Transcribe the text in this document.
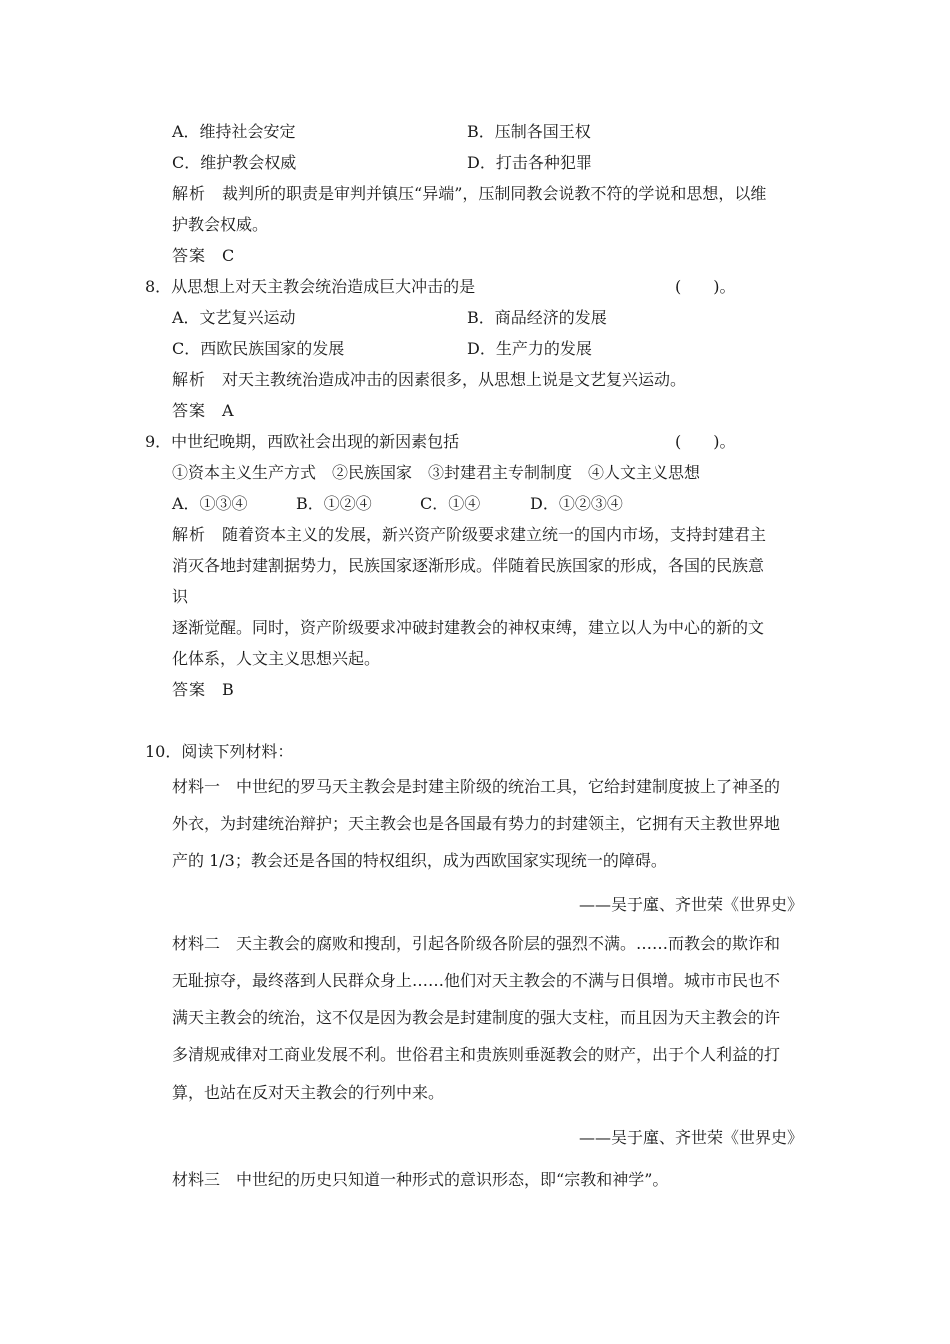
A．维持社会安定	B．压制各国王权
C．维护教会权威	D．打击各种犯罪
解析 裁判所的职责是审判并镇压“异端”，压制同教会说教不符的学说和思想，以维
护教会权威。
答案 C
8．从思想上对天主教会统治造成巨大冲击的是	(　　)。
A．文艺复兴运动	B．商品经济的发展
C．西欧民族国家的发展	D．生产力的发展
解析 对天主教统治造成冲击的因素很多，从思想上说是文艺复兴运动。
答案 A
9．中世纪晚期，西欧社会出现的新因素包括	(　　)。
①资本主义生产方式　②民族国家　③封建君主专制制度　④人文主义思想
A．①③④	B．①②④	C．①④	D．①②③④
解析 随着资本主义的发展，新兴资产阶级要求建立统一的国内市场，支持封建君主
消灭各地封建割据势力，民族国家逐渐形成。伴随着民族国家的形成，各国的民族意
识
逐渐觉醒。同时，资产阶级要求冲破封建教会的神权束缚，建立以人为中心的新的文
化体系，人文主义思想兴起。
答案 B
10．阅读下列材料：
材料一 中世纪的罗马天主教会是封建主阶级的统治工具，它给封建制度披上了神圣的
外衣，为封建统治辩护；天主教会也是各国最有势力的封建领主，它拥有天主教世界地
产的 1/3；教会还是各国的特权组织，成为西欧国家实现统一的障碍。
——吴于廑、齐世荣《世界史》
材料二 天主教会的腐败和搜刮，引起各阶级各阶层的强烈不满。……而教会的欺诈和
无耻掠夺，最终落到人民群众身上……他们对天主教会的不满与日俱增。城市市民也不
满天主教会的统治，这不仅是因为教会是封建制度的强大支柱，而且因为天主教会的许
多清规戒律对工商业发展不利。世俗君主和贵族则垂涎教会的财产，出于个人利益的打
算，也站在反对天主教会的行列中来。
——吴于廑、齐世荣《世界史》
材料三 中世纪的历史只知道一种形式的意识形态，即“宗教和神学”。
